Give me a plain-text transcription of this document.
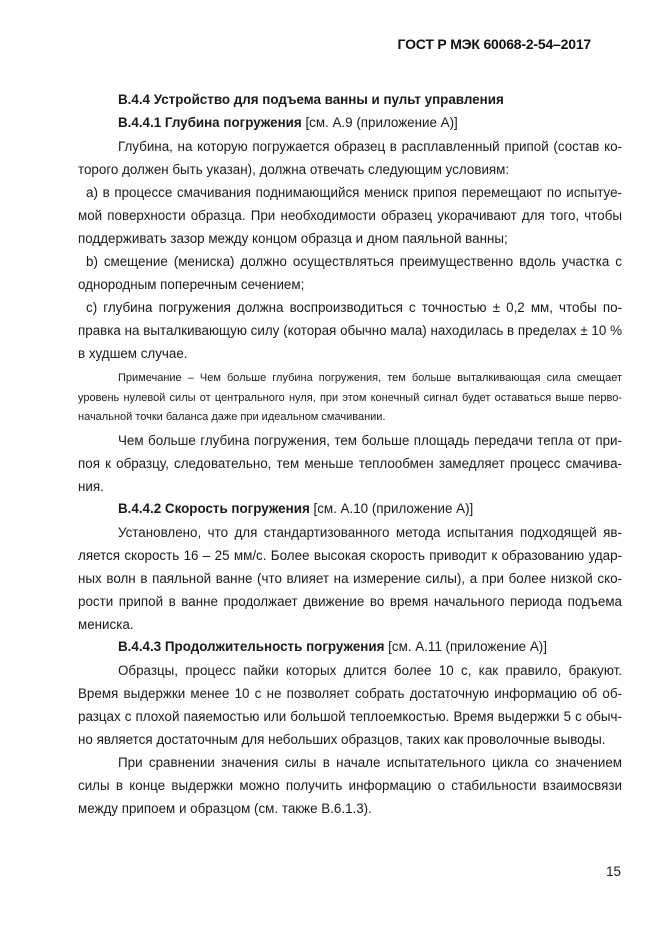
ГОСТ Р МЭК 60068-2-54–2017
B.4.4 Устройство для подъема ванны и пульт управления
B.4.4.1 Глубина погружения [см. A.9 (приложение A)]
Глубина, на которую погружается образец в расплавленный припой (состав ко-
торого должен быть указан), должна отвечать следующим условиям:
a) в процессе смачивания поднимающийся мениск припоя перемещают по испытуе-
мой поверхности образца. При необходимости образец укорачивают для того, чтобы
поддерживать зазор между концом образца и дном паяльной ванны;
b) смещение (мениска) должно осуществляться преимущественно вдоль участка с
однородным поперечным сечением;
c) глубина погружения должна воспроизводиться с точностью ± 0,2 мм, чтобы по-
правка на выталкивающую силу (которая обычно мала) находилась в пределах ± 10 %
в худшем случае.
Примечание – Чем больше глубина погружения, тем больше выталкивающая сила смещает
уровень нулевой силы от центрального нуля, при этом конечный сигнал будет оставаться выше перво-
начальной точки баланса даже при идеальном смачивании.
Чем больше глубина погружения, тем больше площадь передачи тепла от при-
поя к образцу, следовательно, тем меньше теплообмен замедляет процесс смачива-
ния.
B.4.4.2 Скорость погружения [см. A.10 (приложение A)]
Установлено, что для стандартизованного метода испытания подходящей яв-
ляется скорость 16 – 25 мм/с. Более высокая скорость приводит к образованию удар-
ных волн в паяльной ванне (что влияет на измерение силы), а при более низкой ско-
рости припой в ванне продолжает движение во время начального периода подъема
мениска.
B.4.4.3 Продолжительность погружения [см. A.11 (приложение A)]
Образцы, процесс пайки которых длится более 10 с, как правило, бракуют.
Время выдержки менее 10 с не позволяет собрать достаточную информацию об об-
разцах с плохой паяемостью или большой теплоемкостью. Время выдержки 5 с обыч-
но является достаточным для небольших образцов, таких как проволочные выводы.
При сравнении значения силы в начале испытательного цикла со значением
силы в конце выдержки можно получить информацию о стабильности взаимосвязи
между припоем и образцом (см. также B.6.1.3).
15
